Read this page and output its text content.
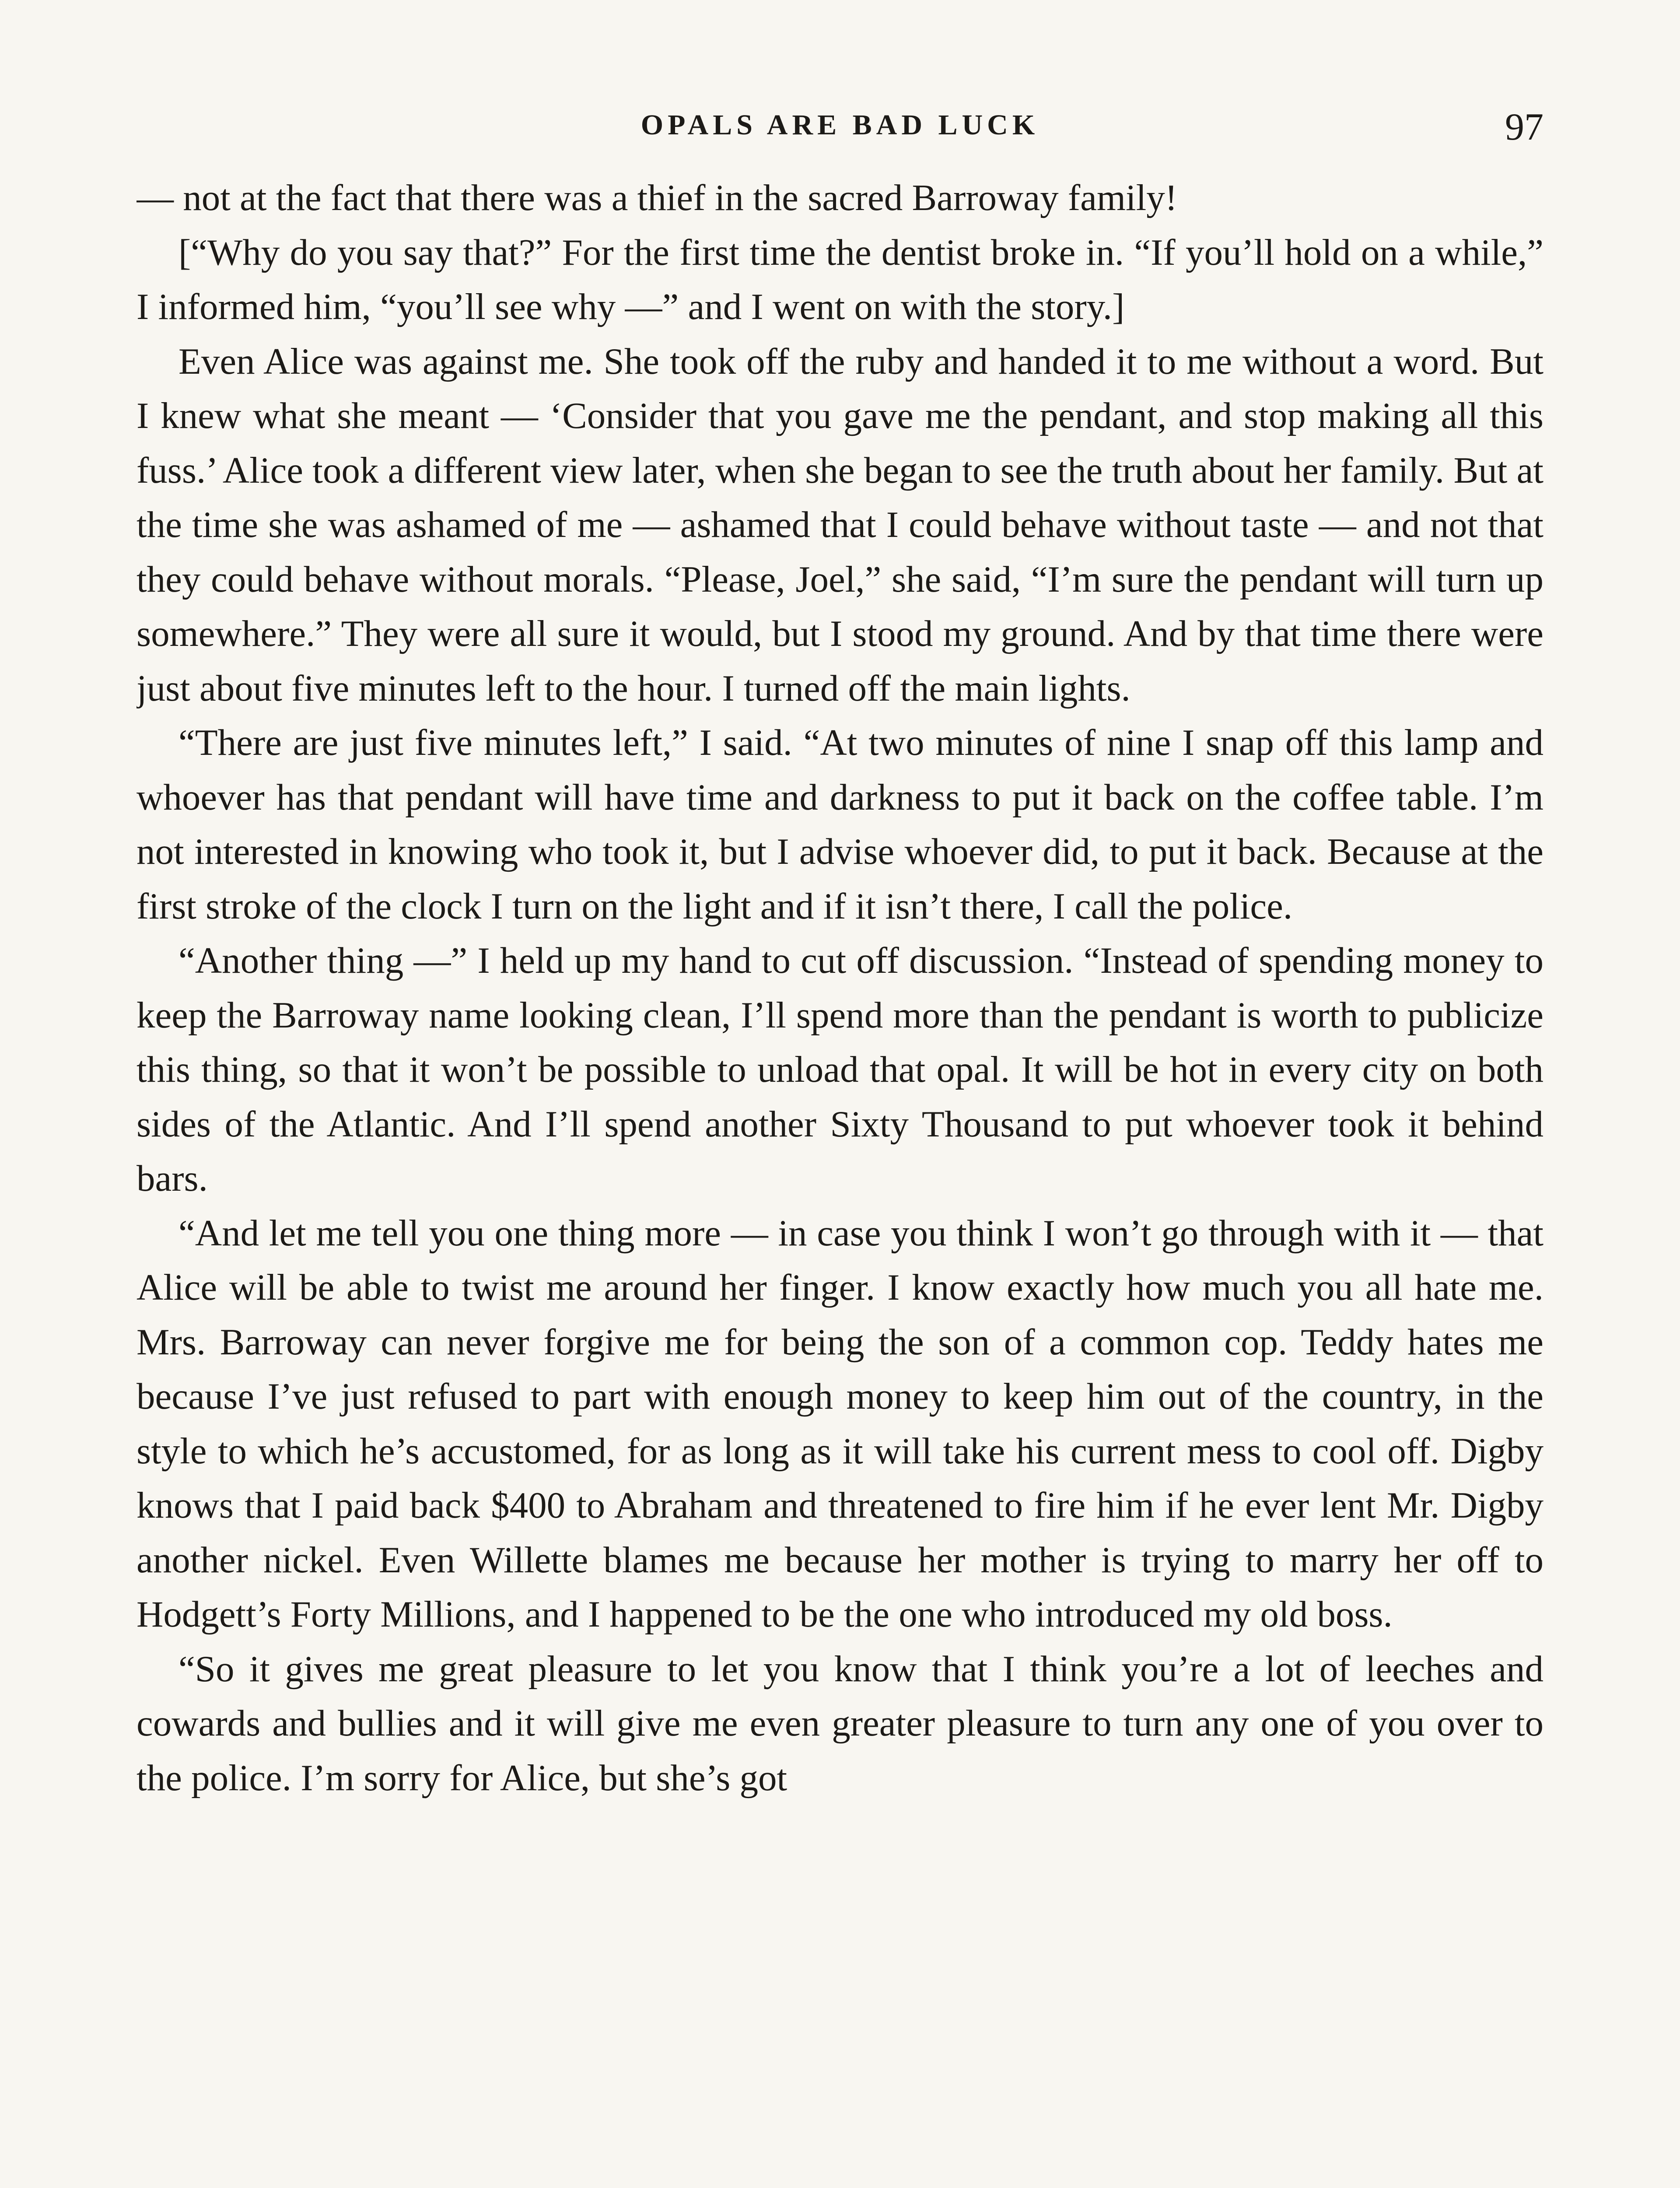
OPALS ARE BAD LUCK	97

— not at the fact that there was a thief in the sacred Barroway family!

[“Why do you say that?” For the first time the dentist broke in. “If you’ll hold on a while,” I informed him, “you’ll see why —” and I went on with the story.]

Even Alice was against me. She took off the ruby and handed it to me without a word. But I knew what she meant — ‘Consider that you gave me the pendant, and stop making all this fuss.’ Alice took a different view later, when she began to see the truth about her family. But at the time she was ashamed of me — ashamed that I could behave without taste — and not that they could behave without morals. “Please, Joel,” she said, “I’m sure the pendant will turn up somewhere.” They were all sure it would, but I stood my ground. And by that time there were just about five minutes left to the hour. I turned off the main lights.

“There are just five minutes left,” I said. “At two minutes of nine I snap off this lamp and whoever has that pendant will have time and darkness to put it back on the coffee table. I’m not interested in knowing who took it, but I advise whoever did, to put it back. Because at the first stroke of the clock I turn on the light and if it isn’t there, I call the police.

“Another thing —” I held up my hand to cut off discussion. “Instead of spending money to keep the Barroway name looking clean, I’ll spend more than the pendant is worth to publicize this thing, so that it won’t be possible to unload that opal. It will be hot in every city on both sides of the Atlantic. And I’ll spend another Sixty Thousand to put whoever took it behind bars.

“And let me tell you one thing more — in case you think I won’t go through with it — that Alice will be able to twist me around her finger. I know exactly how much you all hate me. Mrs. Barroway can never forgive me for being the son of a common cop. Teddy hates me because I’ve just refused to part with enough money to keep him out of the country, in the style to which he’s accustomed, for as long as it will take his current mess to cool off. Digby knows that I paid back $400 to Abraham and threatened to fire him if he ever lent Mr. Digby another nickel. Even Willette blames me because her mother is trying to marry her off to Hodgett’s Forty Millions, and I happened to be the one who introduced my old boss.

“So it gives me great pleasure to let you know that I think you’re a lot of leeches and cowards and bullies and it will give me even greater pleasure to turn any one of you over to the police. I’m sorry for Alice, but she’s got
